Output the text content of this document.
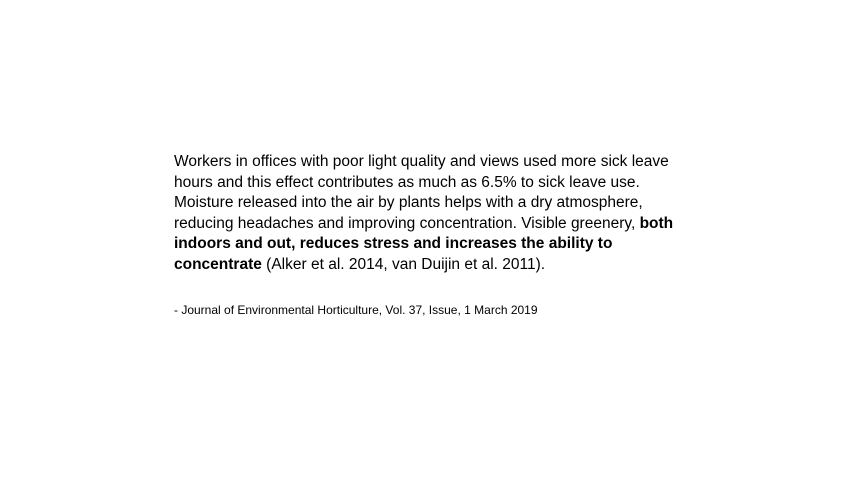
Workers in offices with poor light quality and views used more sick leave hours and this effect contributes as much as 6.5% to sick leave use. Moisture released into the air by plants helps with a dry atmosphere, reducing headaches and improving concentration. Visible greenery, both indoors and out, reduces stress and increases the ability to concentrate (Alker et al. 2014, van Duijin et al. 2011).
- Journal of Environmental Horticulture, Vol. 37, Issue, 1 March 2019
